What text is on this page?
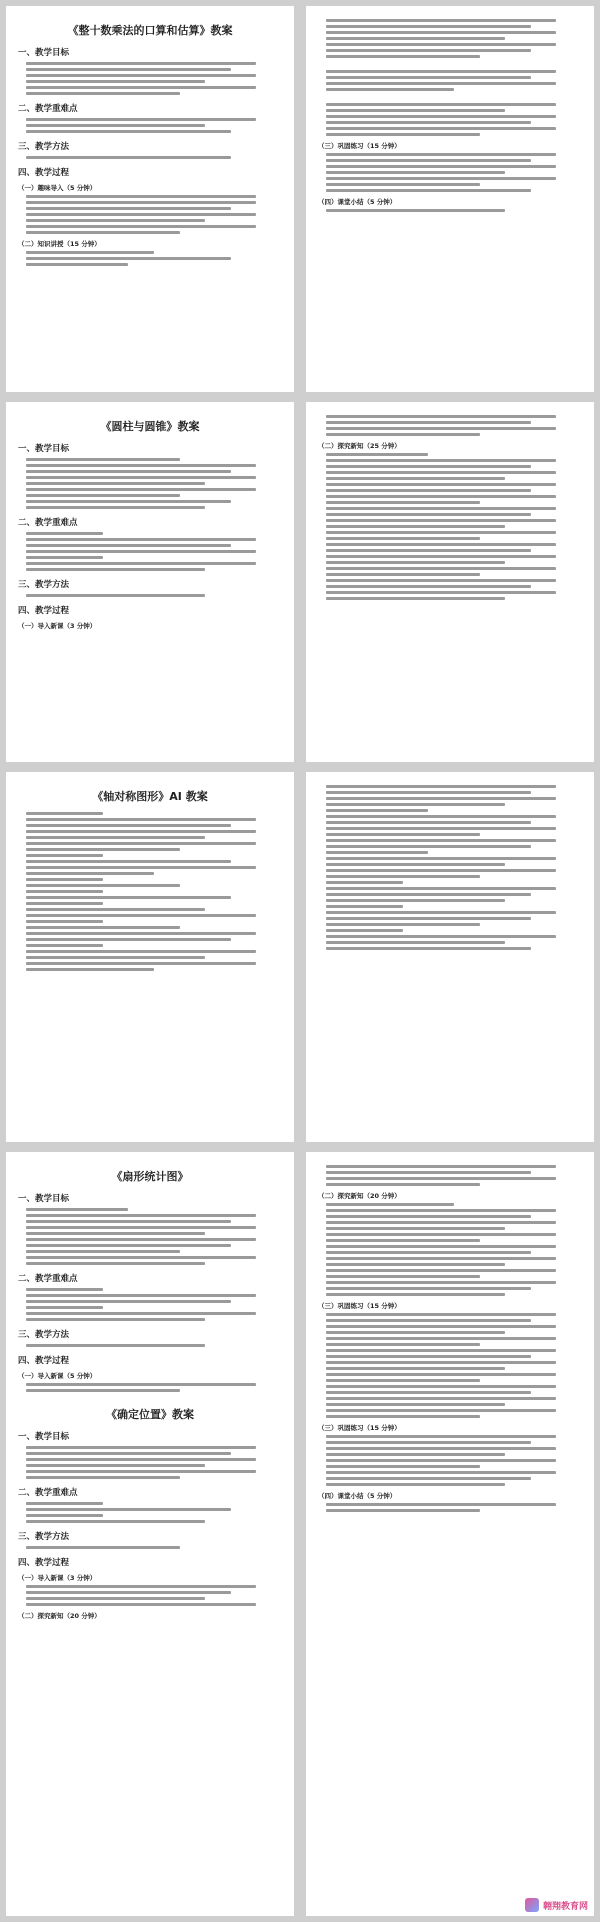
《整十数乘法的口算和估算》教案
一、教学目标
二、教学重难点
三、教学方法
四、教学过程
（一）趣味导入（5 分钟）
（二）知识讲授（15 分钟）
（三）巩固练习（15 分钟）
（四）课堂小结（5 分钟）
《圆柱与圆锥》教案
一、教学目标
二、教学重难点
三、教学方法
四、教学过程
（一）导入新课（3 分钟）
（二）探究新知（25 分钟）
《轴对称图形》AI 教案
《扇形统计图》
一、教学目标
二、教学重难点
三、教学方法
四、教学过程
（一）导入新课（5 分钟）
《确定位置》教案
一、教学目标
二、教学重难点
三、教学方法
四、教学过程
（一）导入新课（3 分钟）
（二）探究新知（20 分钟）
（二）探究新知（20 分钟）
（三）巩固练习（15 分钟）
（三）巩固练习（15 分钟）
（四）课堂小结（5 分钟）
翱翔教育网
